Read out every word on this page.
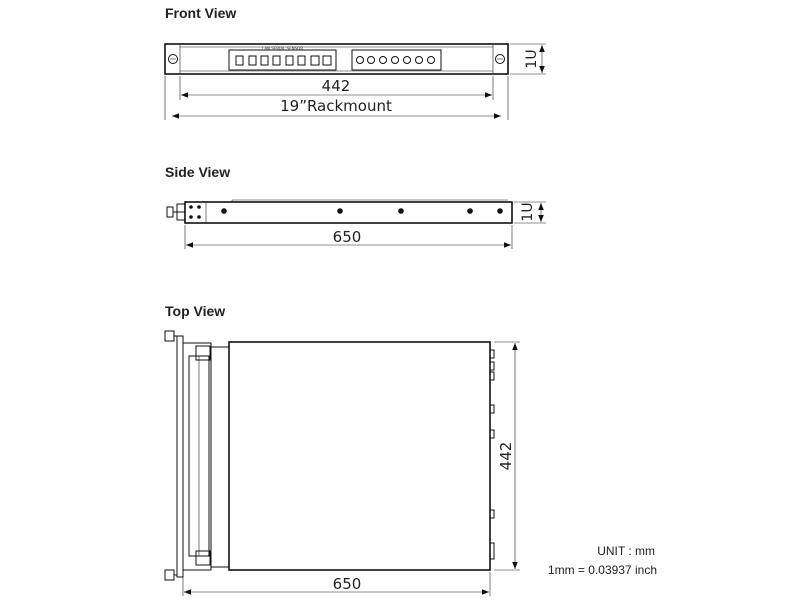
Front View
LAN SERIAL SENSOR
442
19”Rackmount
1U
Side View
650
1U
Top View
650
442
UNIT : mm
1mm = 0.03937 inch
